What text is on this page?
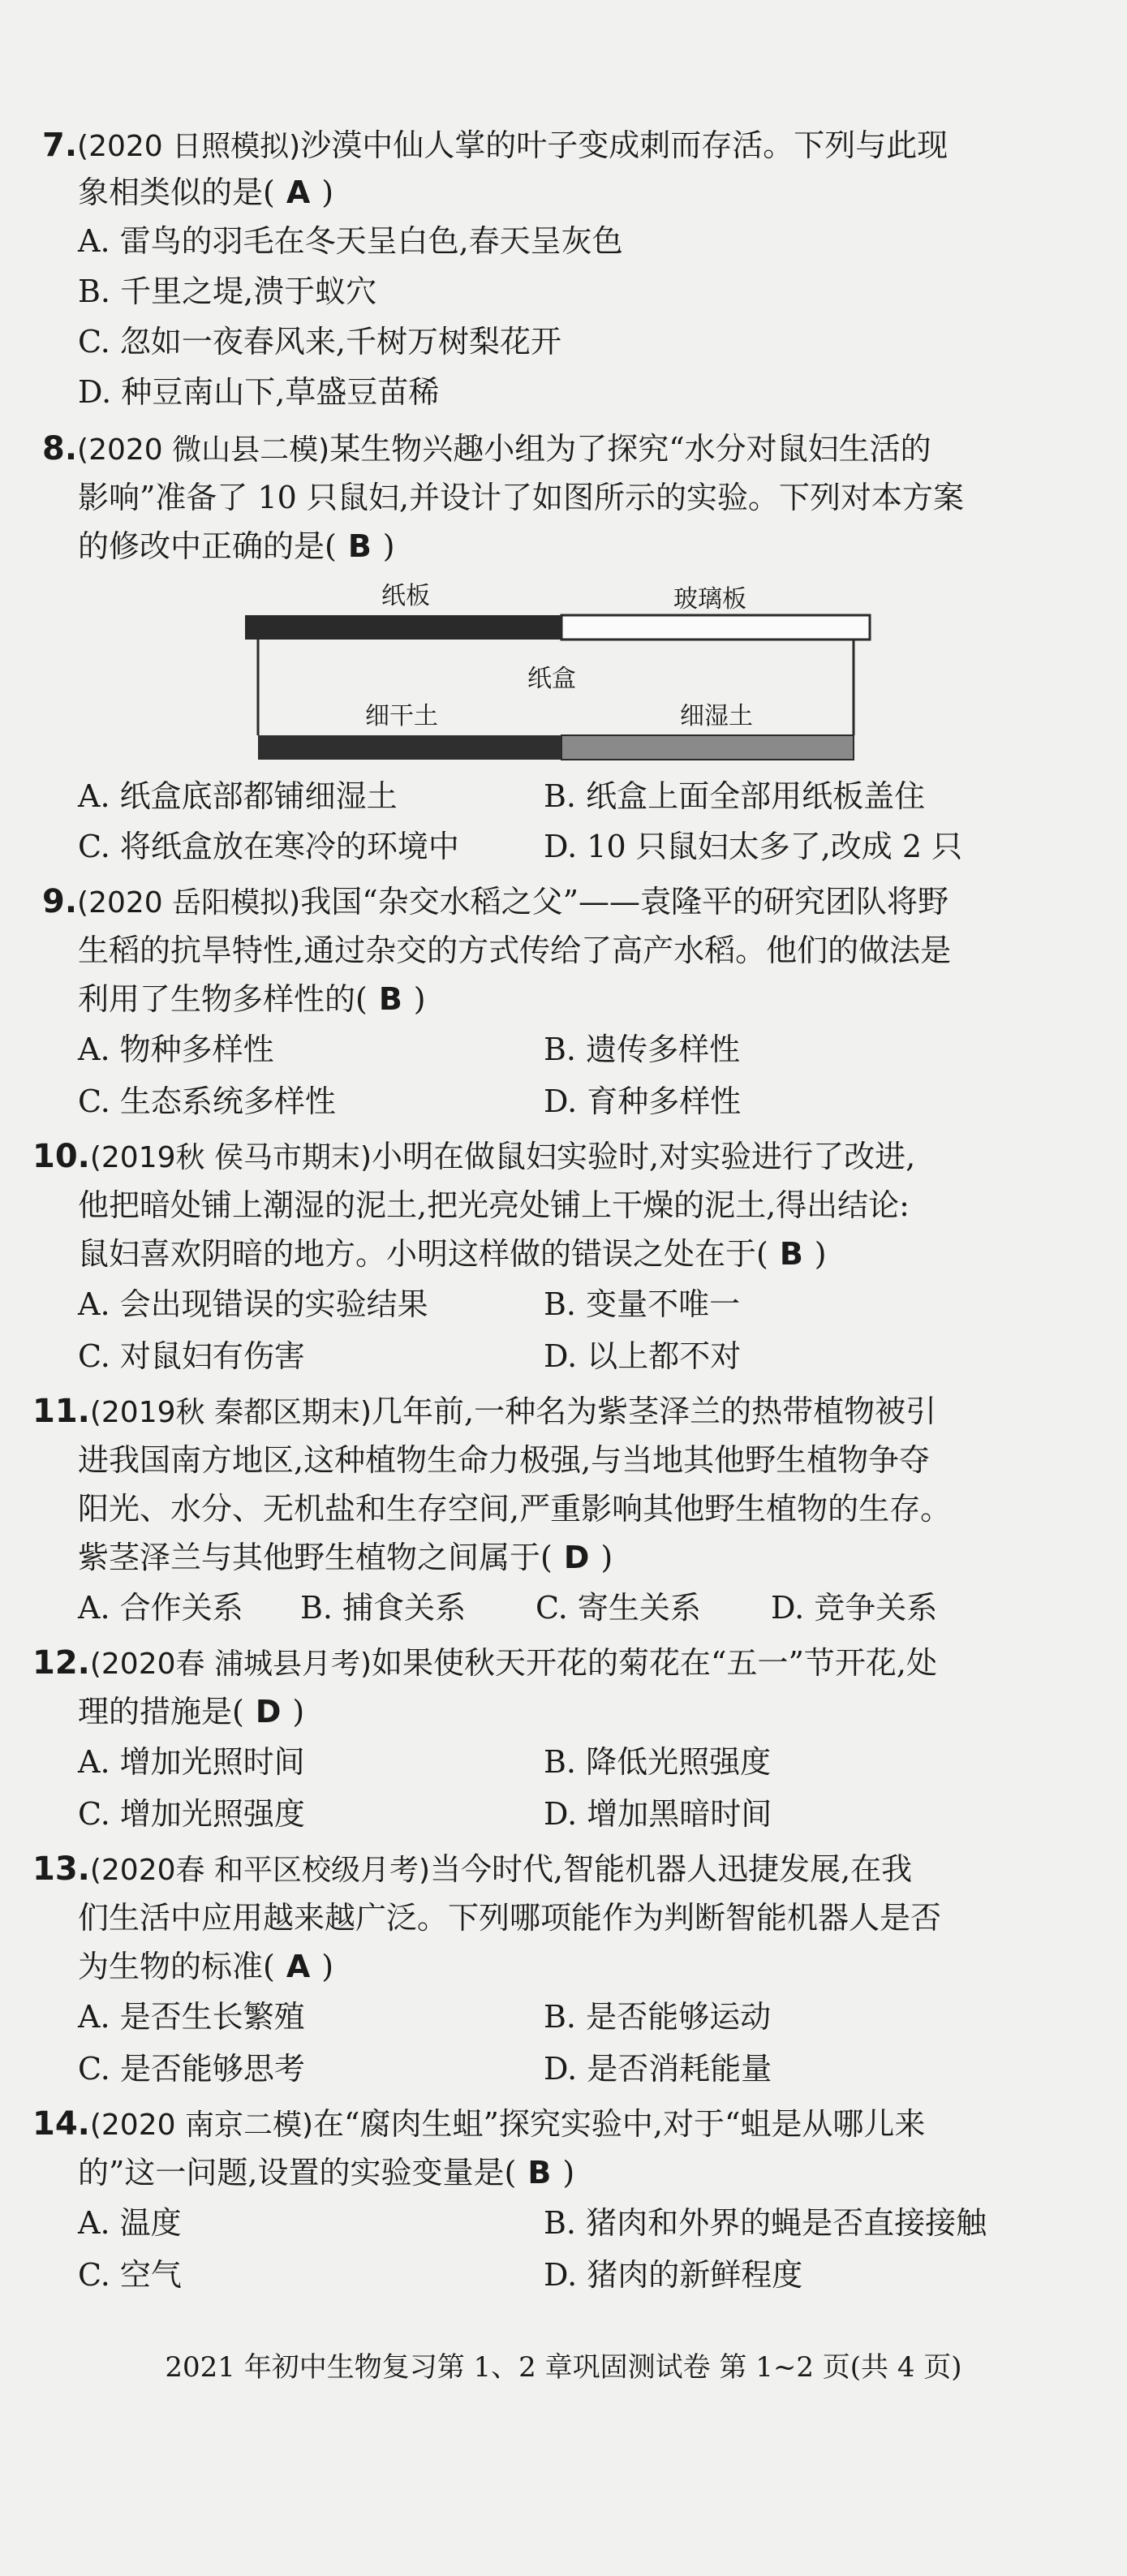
7.(2020 日照模拟)沙漠中仙人掌的叶子变成刺而存活。下列与此现
象相类似的是( A )
A. 雷鸟的羽毛在冬天呈白色,春天呈灰色
B. 千里之堤,溃于蚁穴
C. 忽如一夜春风来,千树万树梨花开
D. 种豆南山下,草盛豆苗稀
8.(2020 微山县二模)某生物兴趣小组为了探究“水分对鼠妇生活的
影响”准备了 10 只鼠妇,并设计了如图所示的实验。下列对本方案
的修改中正确的是( B )
纸板	玻璃板
纸盒
细干土	细湿土
A. 纸盒底部都铺细湿土	B. 纸盒上面全部用纸板盖住
C. 将纸盒放在寒冷的环境中	D. 10 只鼠妇太多了,改成 2 只
9.(2020 岳阳模拟)我国“杂交水稻之父”——袁隆平的研究团队将野
生稻的抗旱特性,通过杂交的方式传给了高产水稻。他们的做法是
利用了生物多样性的( B )
A. 物种多样性	B. 遗传多样性
C. 生态系统多样性	D. 育种多样性
10.(2019秋 侯马市期末)小明在做鼠妇实验时,对实验进行了改进,
他把暗处铺上潮湿的泥土,把光亮处铺上干燥的泥土,得出结论:
鼠妇喜欢阴暗的地方。小明这样做的错误之处在于( B )
A. 会出现错误的实验结果	B. 变量不唯一
C. 对鼠妇有伤害	D. 以上都不对
11.(2019秋 秦都区期末)几年前,一种名为紫茎泽兰的热带植物被引
进我国南方地区,这种植物生命力极强,与当地其他野生植物争夺
阳光、水分、无机盐和生存空间,严重影响其他野生植物的生存。
紫茎泽兰与其他野生植物之间属于( D )
A. 合作关系 B. 捕食关系 C. 寄生关系 D. 竞争关系
12.(2020春 浦城县月考)如果使秋天开花的菊花在“五一”节开花,处
理的措施是( D )
A. 增加光照时间	B. 降低光照强度
C. 增加光照强度	D. 增加黑暗时间
13.(2020春 和平区校级月考)当今时代,智能机器人迅捷发展,在我
们生活中应用越来越广泛。下列哪项能作为判断智能机器人是否
为生物的标准( A )
A. 是否生长繁殖	B. 是否能够运动
C. 是否能够思考	D. 是否消耗能量
14.(2020 南京二模)在“腐肉生蛆”探究实验中,对于“蛆是从哪儿来
的”这一问题,设置的实验变量是( B )
A. 温度	B. 猪肉和外界的蝇是否直接接触
C. 空气	D. 猪肉的新鲜程度
2021 年初中生物复习第 1、2 章巩固测试卷 第 1~2 页(共 4 页)
